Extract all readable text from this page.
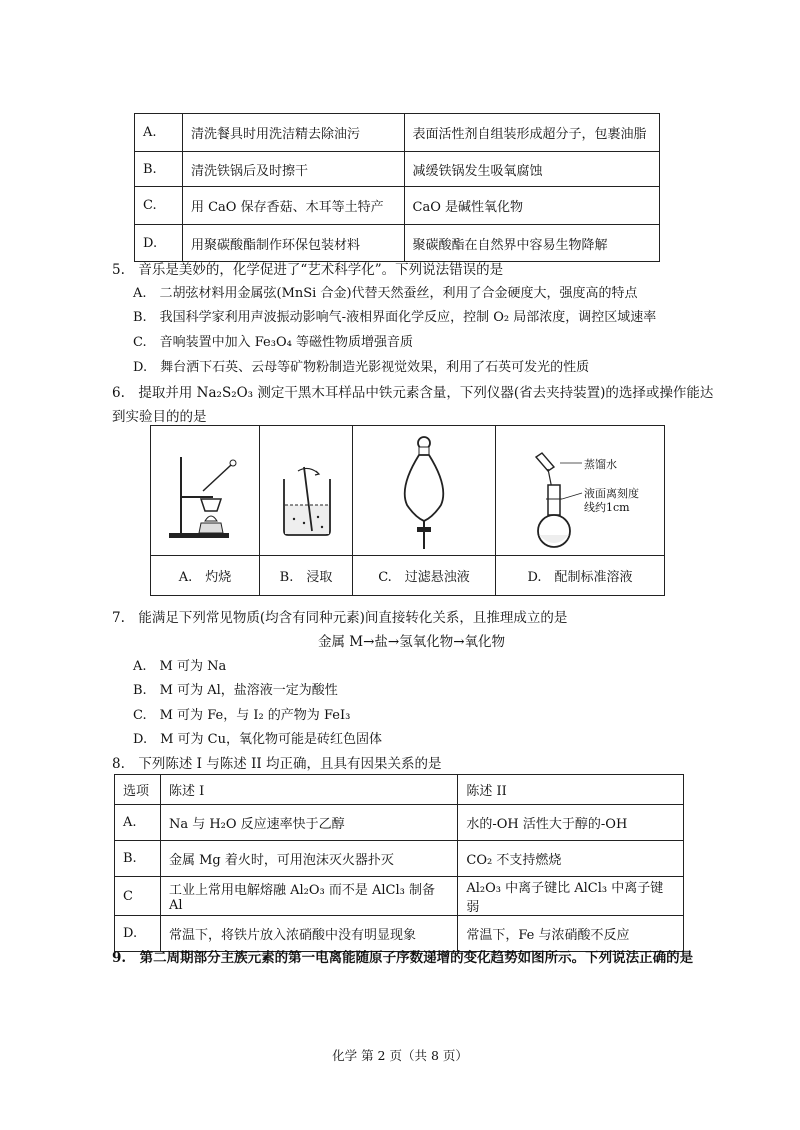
A.	清洗餐具时用洗洁精去除油污	表面活性剂自组装形成超分子，包裹油脂
B.	清洗铁锅后及时擦干	减缓铁锅发生吸氧腐蚀
C.	用 CaO 保存香菇、木耳等土特产	CaO 是碱性氧化物
D.	用聚碳酸酯制作环保包装材料	聚碳酸酯在自然界中容易生物降解
5.　音乐是美妙的，化学促进了“艺术科学化”。下列说法错误的是
A.　二胡弦材料用金属弦(MnSi 合金)代替天然蚕丝，利用了合金硬度大，强度高的特点
B.　我国科学家利用声波振动影响气-液相界面化学反应，控制 O₂ 局部浓度，调控区域速率
C.　音响装置中加入 Fe₃O₄ 等磁性物质增强音质
D.　舞台洒下石英、云母等矿物粉制造光影视觉效果，利用了石英可发光的性质
6.　提取并用 Na₂S₂O₃ 测定干黑木耳样品中铁元素含量，下列仪器(省去夹持装置)的选择或操作能达
到实验目的的是

蒸馏水
液面离刻度
线约1cm

A.　灼烧	B.　浸取	C.　过滤悬浊液	D.　配制标准溶液
7.　能满足下列常见物质(均含有同种元素)间直接转化关系，且推理成立的是
金属 M→盐→氢氧化物→氧化物
A.　M 可为 Na
B.　M 可为 Al，盐溶液一定为酸性
C.　M 可为 Fe，与 I₂ 的产物为 FeI₃
D.　M 可为 Cu，氧化物可能是砖红色固体
8.　下列陈述 I 与陈述 II 均正确，且具有因果关系的是
选项	陈述 I	陈述 II
A.	Na 与 H₂O 反应速率快于乙醇	水的-OH 活性大于醇的-OH
B.	金属 Mg 着火时，可用泡沫灭火器扑灭	CO₂ 不支持燃烧
C	工业上常用电解熔融 Al₂O₃ 而不是 AlCl₃ 制备 Al	Al₂O₃ 中离子键比 AlCl₃ 中离子键弱
D.	常温下，将铁片放入浓硝酸中没有明显现象	常温下，Fe 与浓硝酸不反应
9.　第二周期部分主族元素的第一电离能随原子序数递增的变化趋势如图所示。下列说法正确的是
化学 第 2 页（共 8 页）
